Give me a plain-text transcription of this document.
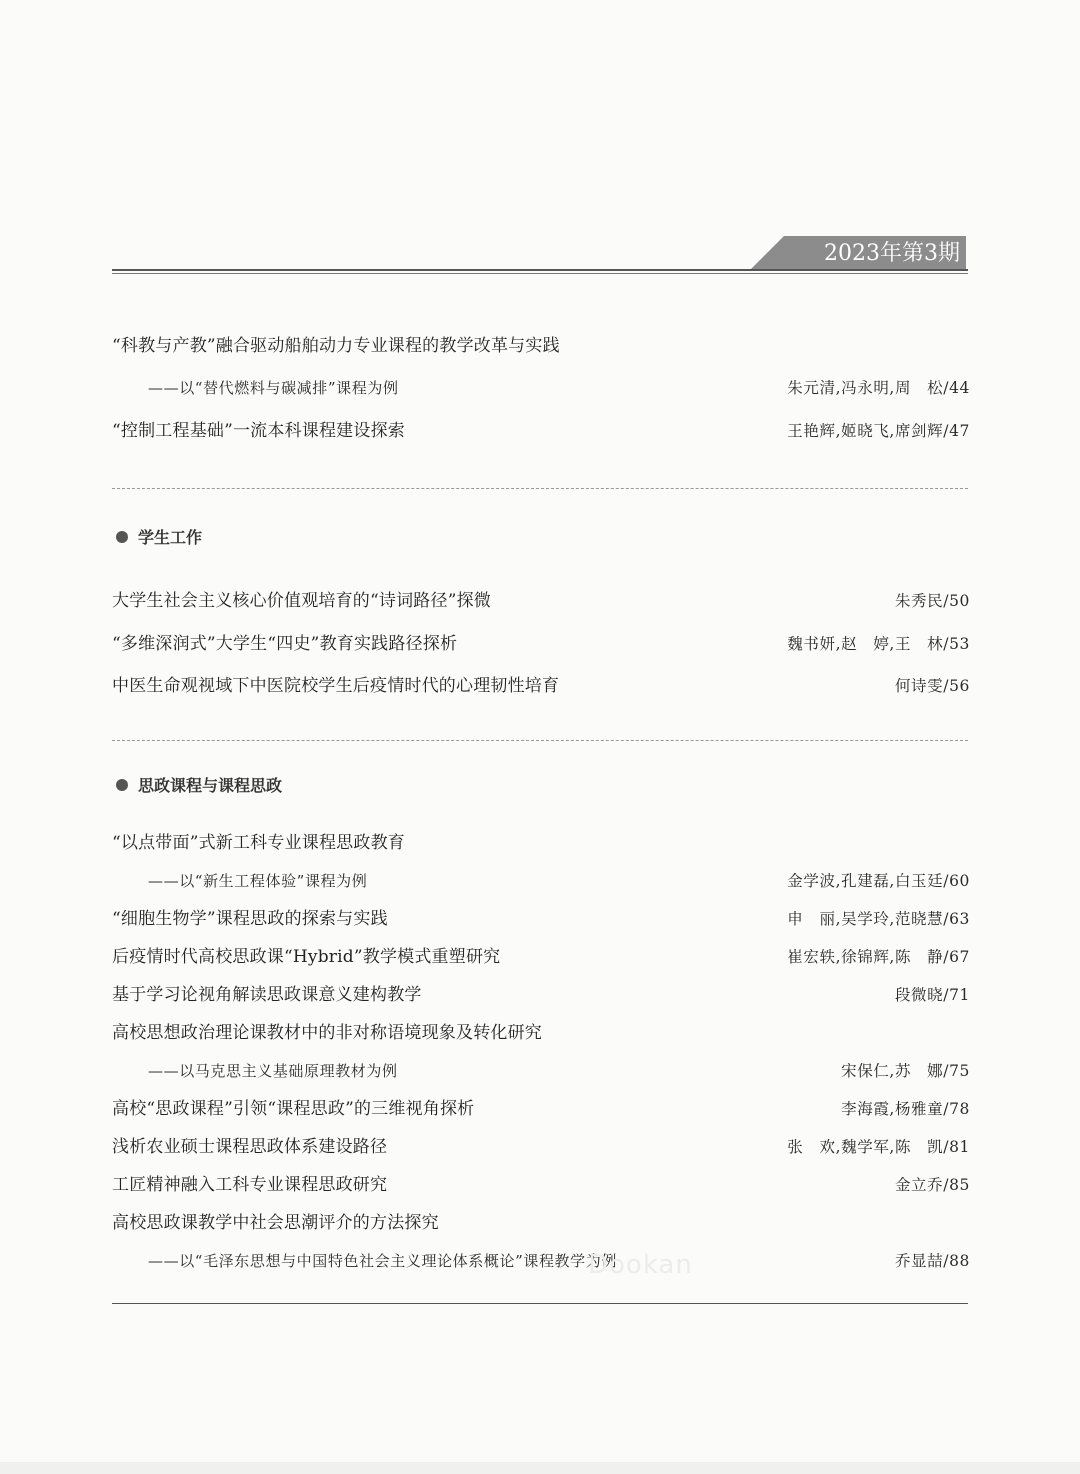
2023年第3期
“科教与产教”融合驱动船舶动力专业课程的教学改革与实践
——以“替代燃料与碳减排”课程为例	朱元清,冯永明,周　松/44
“控制工程基础”一流本科课程建设探索	王艳辉,姬晓飞,席剑辉/47
学生工作
大学生社会主义核心价值观培育的“诗词路径”探微	朱秀民/50
“多维深润式”大学生“四史”教育实践路径探析	魏书妍,赵　婷,王　林/53
中医生命观视域下中医院校学生后疫情时代的心理韧性培育	何诗雯/56
思政课程与课程思政
“以点带面”式新工科专业课程思政教育
——以“新生工程体验”课程为例	金学波,孔建磊,白玉廷/60
“细胞生物学”课程思政的探索与实践	申　丽,吴学玲,范晓慧/63
后疫情时代高校思政课“Hybrid”教学模式重塑研究	崔宏轶,徐锦辉,陈　静/67
基于学习论视角解读思政课意义建构教学	段微晓/71
高校思想政治理论课教材中的非对称语境现象及转化研究
——以马克思主义基础原理教材为例	宋保仁,苏　娜/75
高校“思政课程”引领“课程思政”的三维视角探析	李海霞,杨雅童/78
浅析农业硕士课程思政体系建设路径	张　欢,魏学军,陈　凯/81
工匠精神融入工科专业课程思政研究	金立乔/85
高校思政课教学中社会思潮评介的方法探究
——以“毛泽东思想与中国特色社会主义理论体系概论”课程教学为例	乔显喆/88
Dookan
